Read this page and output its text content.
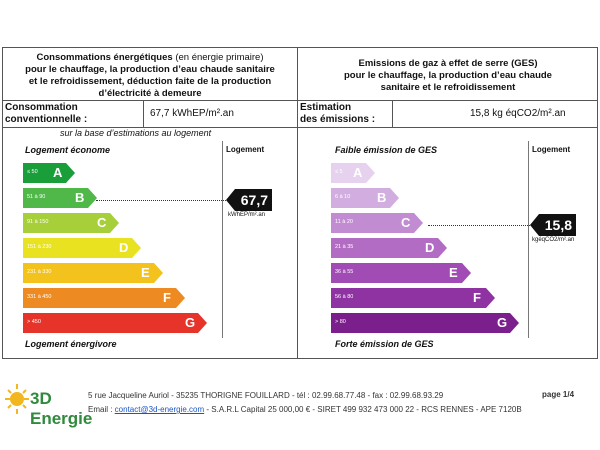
Consommations énergétiques (en énergie primaire)
pour le chauffage, la production d’eau chaude sanitaire
et le refroidissement, déduction faite de la production
d’électricité à demeure
Emissions de gaz à effet de serre (GES)
pour le chauffage, la production d’eau chaude
sanitaire et le refroidissement
Consommation
conventionnelle :
67,7 kWhEP/m².an
Estimation
des émissions :
15,8 kg éqCO2/m².an
sur la base d’estimations au logement
Logement économe	Logement
≤ 50 A
51 à 90 B
91 à 150	C
151 à 230	D
231 à 330	E
331 à 450	F
> 450	G
Logement énergivore
67,7
kWhEP/m².an
Faible émission de GES	Logement
≤ 5 A
6 à 10 B
11 à 20	C
21 à 35	D
36 à 55	E
56 à 80	F
> 80	G
Forte émission de GES
15,8
kgéqCO2/m².an
3D Energie
5 rue Jacqueline Auriol - 35235 THORIGNE FOUILLARD - tél : 02.99.68.77.48 - fax : 02.99.68.93.29
Email : contact@3d-energie.com - S.A.R.L Capital 25 000,00 € - SIRET 499 932 473 000 22 - RCS RENNES - APE 7120B
page 1/4
